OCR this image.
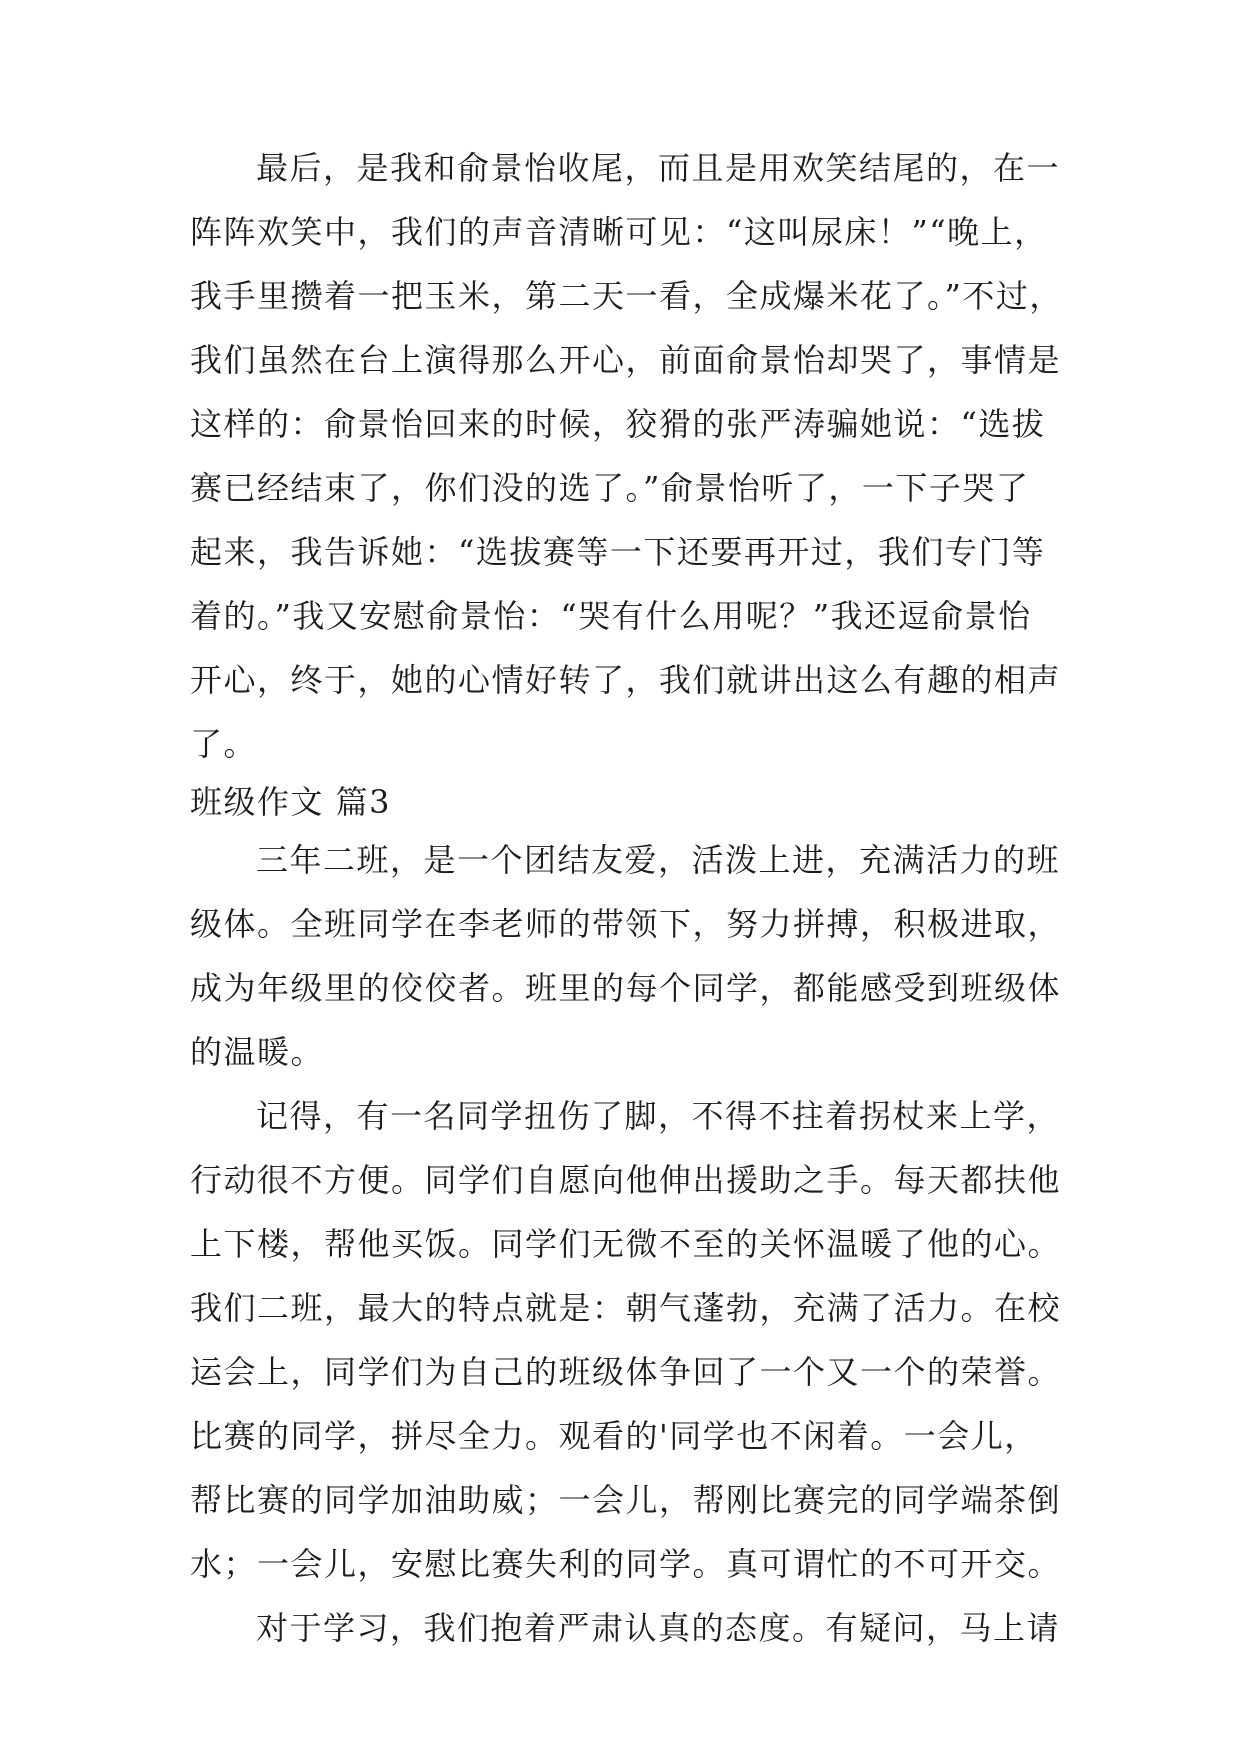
最后，是我和俞景怡收尾，而且是用欢笑结尾的，在一
阵阵欢笑中，我们的声音清晰可见：“这叫尿床！”“晚上，
我手里攒着一把玉米，第二天一看，全成爆米花了。”不过，
我们虽然在台上演得那么开心，前面俞景怡却哭了，事情是
这样的：俞景怡回来的时候，狡猾的张严涛骗她说：“选拔
赛已经结束了，你们没的选了。”俞景怡听了，一下子哭了
起来，我告诉她：“选拔赛等一下还要再开过，我们专门等
着的。”我又安慰俞景怡：“哭有什么用呢？”我还逗俞景怡
开心，终于，她的心情好转了，我们就讲出这么有趣的相声
了。
班级作文 篇3
三年二班，是一个团结友爱，活泼上进，充满活力的班
级体。全班同学在李老师的带领下，努力拼搏，积极进取，
成为年级里的佼佼者。班里的每个同学，都能感受到班级体
的温暖。
记得，有一名同学扭伤了脚，不得不拄着拐杖来上学，
行动很不方便。同学们自愿向他伸出援助之手。每天都扶他
上下楼，帮他买饭。同学们无微不至的关怀温暖了他的心。
我们二班，最大的特点就是：朝气蓬勃，充满了活力。在校
运会上，同学们为自己的班级体争回了一个又一个的荣誉。
比赛的同学，拼尽全力。观看的'同学也不闲着。一会儿，
帮比赛的同学加油助威；一会儿，帮刚比赛完的同学端茶倒
水；一会儿，安慰比赛失利的同学。真可谓忙的不可开交。
对于学习，我们抱着严肃认真的态度。有疑问，马上请
